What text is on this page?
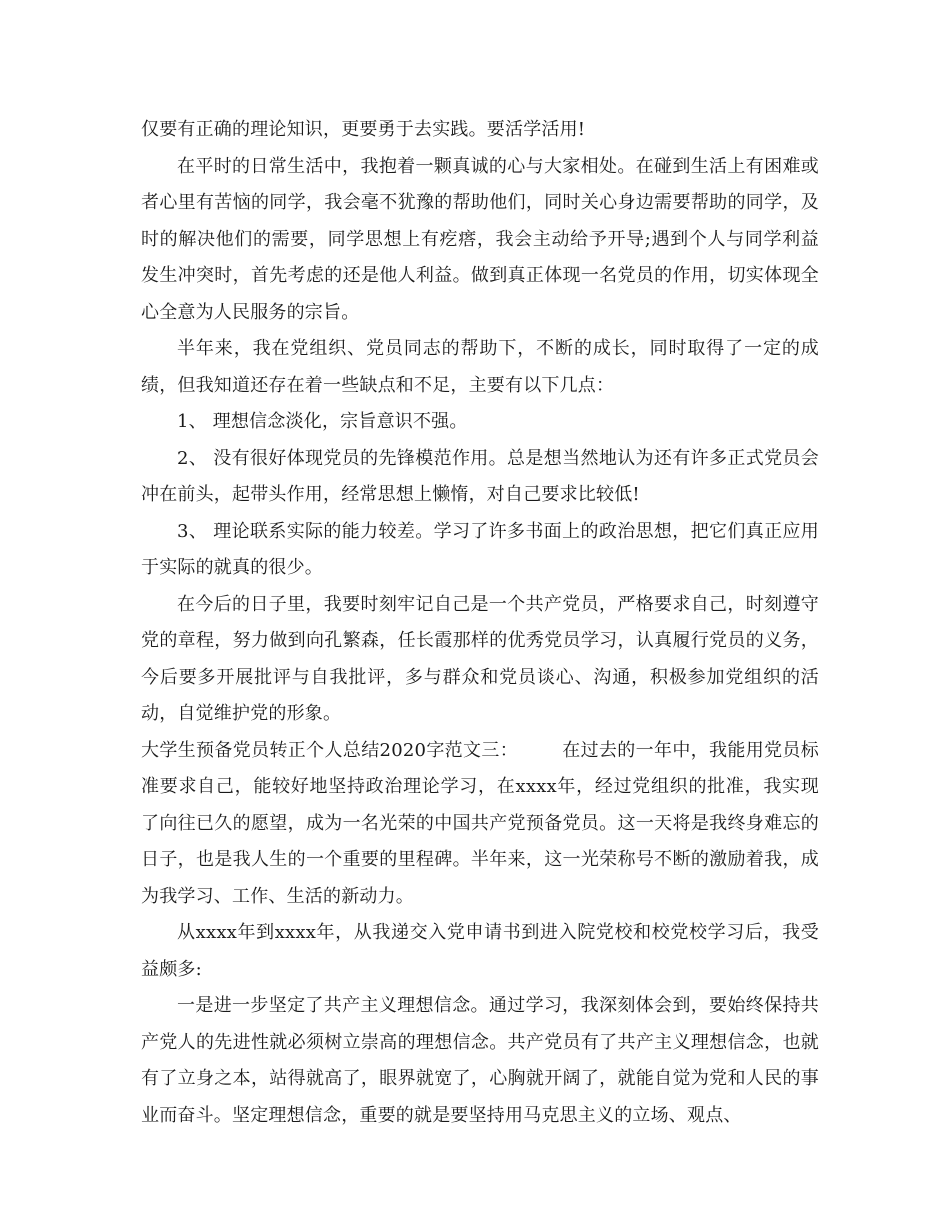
仅要有正确的理论知识，更要勇于去实践。要活学活用!

在平时的日常生活中，我抱着一颗真诚的心与大家相处。在碰到生活上有困难或者心里有苦恼的同学，我会毫不犹豫的帮助他们，同时关心身边需要帮助的同学，及时的解决他们的需要，同学思想上有疙瘩，我会主动给予开导;遇到个人与同学利益发生冲突时，首先考虑的还是他人利益。做到真正体现一名党员的作用，切实体现全心全意为人民服务的宗旨。

半年来，我在党组织、党员同志的帮助下，不断的成长，同时取得了一定的成绩，但我知道还存在着一些缺点和不足，主要有以下几点：

1、 理想信念淡化，宗旨意识不强。

2、 没有很好体现党员的先锋模范作用。总是想当然地认为还有许多正式党员会冲在前头，起带头作用，经常思想上懒惰，对自己要求比较低!

3、 理论联系实际的能力较差。学习了许多书面上的政治思想，把它们真正应用于实际的就真的很少。

在今后的日子里，我要时刻牢记自己是一个共产党员，严格要求自己，时刻遵守党的章程，努力做到向孔繁森，任长霞那样的优秀党员学习，认真履行党员的义务，今后要多开展批评与自我批评，多与群众和党员谈心、沟通，积极参加党组织的活动，自觉维护党的形象。

大学生预备党员转正个人总结2020字范文三： 在过去的一年中，我能用党员标准要求自己，能较好地坚持政治理论学习，在xxxx年，经过党组织的批准，我实现了向往已久的愿望，成为一名光荣的中国共产党预备党员。这一天将是我终身难忘的日子，也是我人生的一个重要的里程碑。半年来，这一光荣称号不断的激励着我，成为我学习、工作、生活的新动力。

从xxxx年到xxxx年，从我递交入党申请书到进入院党校和校党校学习后，我受益颇多:

一是进一步坚定了共产主义理想信念。通过学习，我深刻体会到，要始终保持共产党人的先进性就必须树立崇高的理想信念。共产党员有了共产主义理想信念，也就有了立身之本，站得就高了，眼界就宽了，心胸就开阔了，就能自觉为党和人民的事业而奋斗。坚定理想信念，重要的就是要坚持用马克思主义的立场、观点、
